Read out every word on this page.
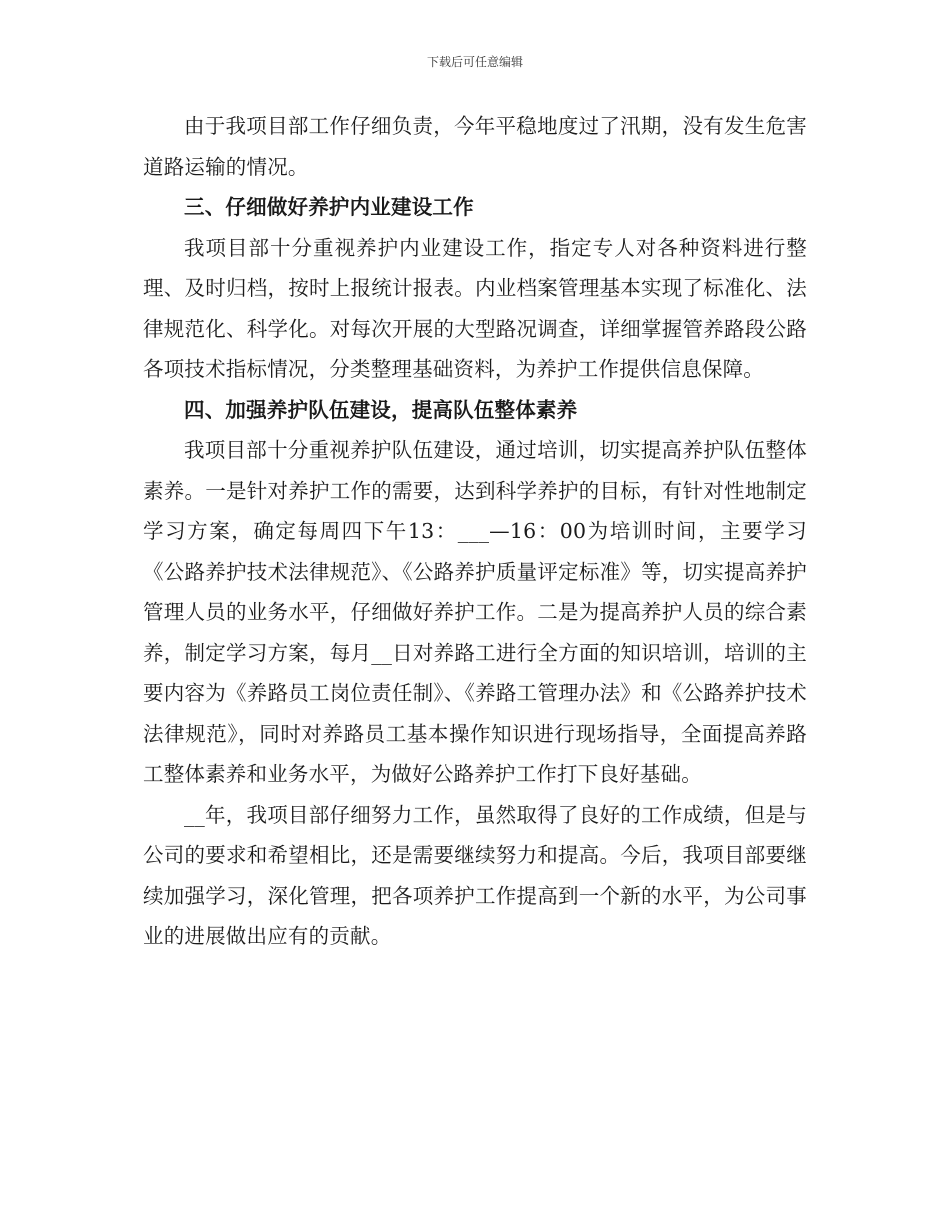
下载后可任意编辑

由于我项目部工作仔细负责，今年平稳地度过了汛期，没有发生危害道路运输的情况。

三、仔细做好养护内业建设工作

我项目部十分重视养护内业建设工作，指定专人对各种资料进行整理、及时归档，按时上报统计报表。内业档案管理基本实现了标准化、法律规范化、科学化。对每次开展的大型路况调查，详细掌握管养路段公路各项技术指标情况，分类整理基础资料，为养护工作提供信息保障。

四、加强养护队伍建设，提高队伍整体素养

我项目部十分重视养护队伍建设，通过培训，切实提高养护队伍整体素养。一是针对养护工作的需要，达到科学养护的目标，有针对性地制定学习方案，确定每周四下午13：___—16：00为培训时间，主要学习《公路养护技术法律规范》、《公路养护质量评定标准》等，切实提高养护管理人员的业务水平，仔细做好养护工作。二是为提高养护人员的综合素养，制定学习方案，每月__日对养路工进行全方面的知识培训，培训的主要内容为《养路员工岗位责任制》、《养路工管理办法》和《公路养护技术法律规范》，同时对养路员工基本操作知识进行现场指导，全面提高养路工整体素养和业务水平，为做好公路养护工作打下良好基础。

__年，我项目部仔细努力工作，虽然取得了良好的工作成绩，但是与公司的要求和希望相比，还是需要继续努力和提高。今后，我项目部要继续加强学习，深化管理，把各项养护工作提高到一个新的水平，为公司事业的进展做出应有的贡献。
